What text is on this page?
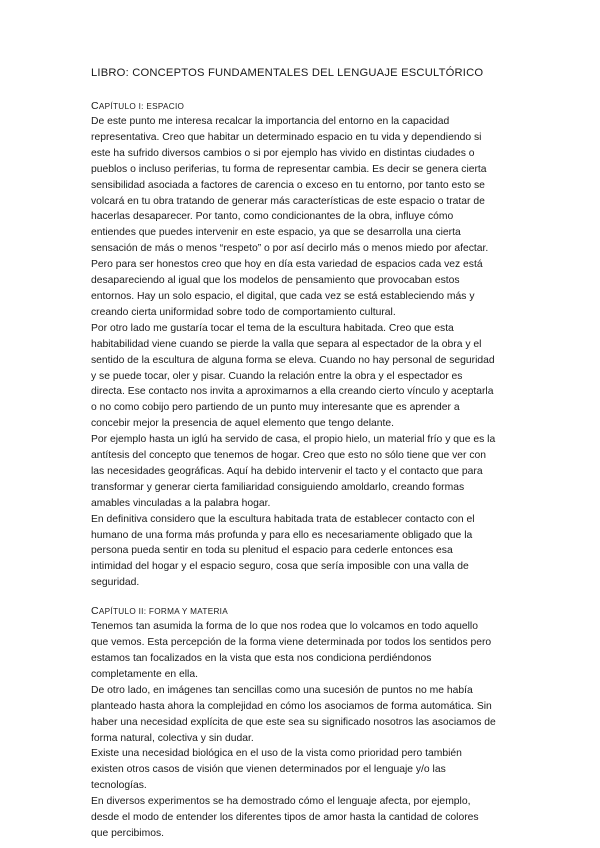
LIBRO: CONCEPTOS FUNDAMENTALES DEL LENGUAJE ESCULTÓRICO
CAPÍTULO I: ESPACIO

De este punto me interesa recalcar la importancia del entorno en la capacidad
representativa. Creo que habitar un determinado espacio en tu vida y dependiendo si
este ha sufrido diversos cambios o si por ejemplo has vivido en distintas ciudades o
pueblos o incluso periferias, tu forma de representar cambia. Es decir se genera cierta
sensibilidad asociada a factores de carencia o exceso en tu entorno, por tanto esto se
volcará en tu obra tratando de generar más características de este espacio o tratar de
hacerlas desaparecer. Por tanto, como condicionantes de la obra, influye cómo
entiendes que puedes intervenir en este espacio, ya que se desarrolla una cierta
sensación de más o menos “respeto” o por así decirlo más o menos miedo por afectar.
Pero para ser honestos creo que hoy en día esta variedad de espacios cada vez está
desapareciendo al igual que los modelos de pensamiento que provocaban estos
entornos. Hay un solo espacio, el digital, que cada vez se está estableciendo más y
creando cierta uniformidad sobre todo de comportamiento cultural.

Por otro lado me gustaría tocar el tema de la escultura habitada. Creo que esta
habitabilidad viene cuando se pierde la valla que separa al espectador de la obra y el
sentido de la escultura de alguna forma se eleva. Cuando no hay personal de seguridad
y se puede tocar, oler y pisar. Cuando la relación entre la obra y el espectador es
directa. Ese contacto nos invita a aproximarnos a ella creando cierto vínculo y aceptarla
o no como cobijo pero partiendo de un punto muy interesante que es aprender a
concebir mejor la presencia de aquel elemento que tengo delante.

Por ejemplo hasta un iglú ha servido de casa, el propio hielo, un material frío y que es la
antítesis del concepto que tenemos de hogar. Creo que esto no sólo tiene que ver con
las necesidades geográficas. Aquí ha debido intervenir el tacto y el contacto que para
transformar y generar cierta familiaridad consiguiendo amoldarlo, creando formas
amables vinculadas a la palabra hogar.

En definitiva considero que la escultura habitada trata de establecer contacto con el
humano de una forma más profunda y para ello es necesariamente obligado que la
persona pueda sentir en toda su plenitud el espacio para cederle entonces esa
intimidad del hogar y el espacio seguro, cosa que sería imposible con una valla de
seguridad.

CAPÍTULO II: FORMA Y MATERIA

Tenemos tan asumida la forma de lo que nos rodea que lo volcamos en todo aquello
que vemos. Esta percepción de la forma viene determinada por todos los sentidos pero
estamos tan focalizados en la vista que esta nos condiciona perdiéndonos
completamente en ella.

De otro lado, en imágenes tan sencillas como una sucesión de puntos no me había
planteado hasta ahora la complejidad en cómo los asociamos de forma automática. Sin
haber una necesidad explícita de que este sea su significado nosotros las asociamos de
forma natural, colectiva y sin dudar.

Existe una necesidad biológica en el uso de la vista como prioridad pero también
existen otros casos de visión que vienen determinados por el lenguaje y/o las
tecnologías.

En diversos experimentos se ha demostrado cómo el lenguaje afecta, por ejemplo,
desde el modo de entender los diferentes tipos de amor hasta la cantidad de colores
que percibimos.
